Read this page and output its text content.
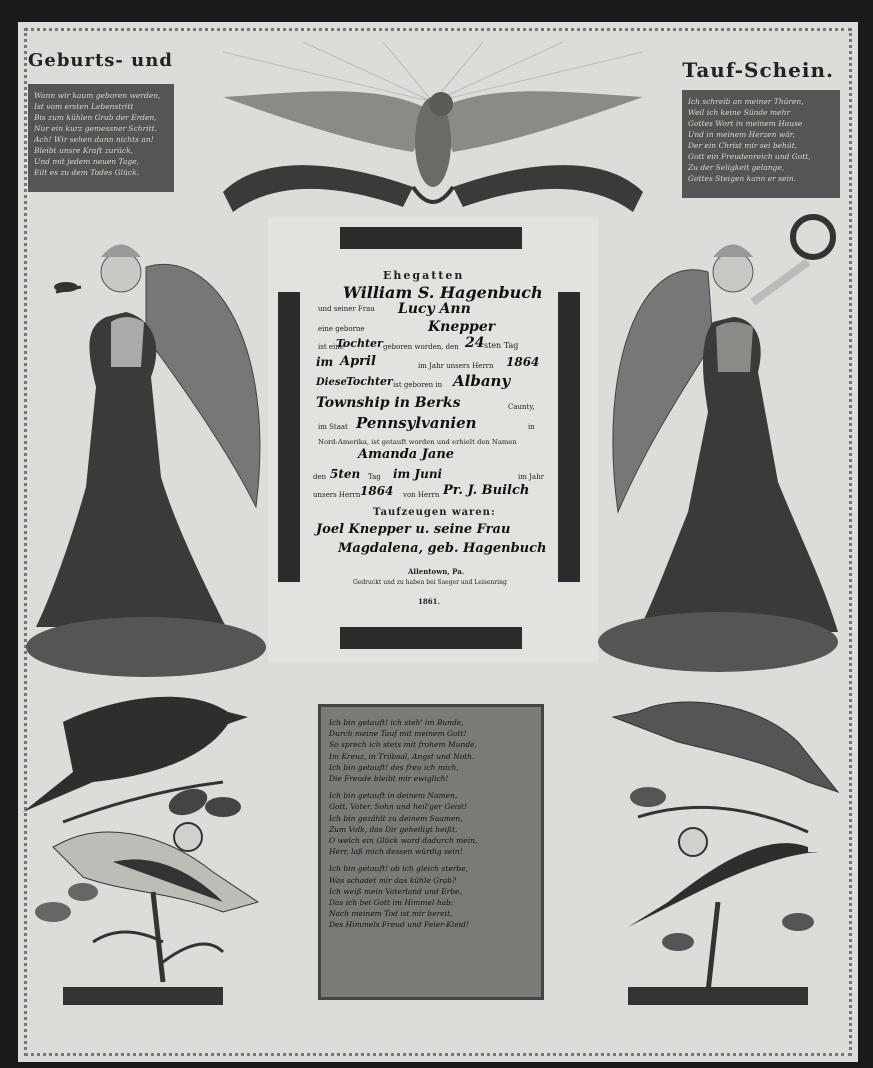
Geburts- und	Tauf-Schein.
Wann wir kaum geboren werden,
Ist vom ersten Lebenstritt
Bis zum kühlen Grab der Erden,
Nur ein kurz gemessner Schritt.
Ach! Wir sehen dann nichts an!
Bleibt unsre Kraft zurück,
Und mit jedem neuen Tage,
Eilt es zu dem Todes Glück.
Ich schreib an meiner Thüren,
Weil ich keine Sünde mehr
Gottes Wort in meinem Hause
Und in meinem Herzen wär,
Der ein Christ mir sei behüt,
Gott ein Freudenreich und Gott,
Zu der Seligkeit gelange,
Gottes Steigen kann er sein.
Ehegatten
William S. Hagenbuch
und seiner Frau Lucy Ann
eine geborne	Knepper
ist eine
Tochter geboren worden, den 24 sten Tag
im April	im Jahr unsers Herrn 1864
Diese Tochter ist geboren in Albany
Township in Berks	Caunty,
im Staat Pennsylvanien	in
Nord-Amerika, ist getauft worden und erhielt den Namen
Amanda Jane
den 5ten Tag im Juni	im Jahr
unsers Herrn 1864 von Herrn Pr. J. Builch
Taufzeugen waren:
Joel Knepper u. seine Frau
Magdalena, geb. Hagenbuch
Allentown, Pa.
Gedruckt und zu haben bei Saeger und Leisenring
1861.
Ich bin getauft! ich steh' im Bunde,
Durch meine Tauf mit meinem Gott!
So sprech ich stets mit frohem Munde,
Im Kreuz, in Trübsal, Angst und Noth.
Ich bin getauft! des freu ich mich,
Die Freude bleibt mir ewiglich!
Ich bin getauft in deinem Namen,
Gott, Vater, Sohn und heil'ger Geist!
Ich bin gezählt zu deinem Saamen,
Zum Volk, das Dir geheiligt heißt.
O welch ein Glück ward dadurch mein,
Herr, laß mich dessen würdig sein!
Ich bin getauft! ob ich gleich sterbe,
Was schadet mir das kühle Grab?
Ich weiß mein Vaterland und Erbe,
Das ich bei Gott im Himmel hab:
Nach meinem Tod ist mir bereit,
Des Himmels Freud und Feier-Kleid!
